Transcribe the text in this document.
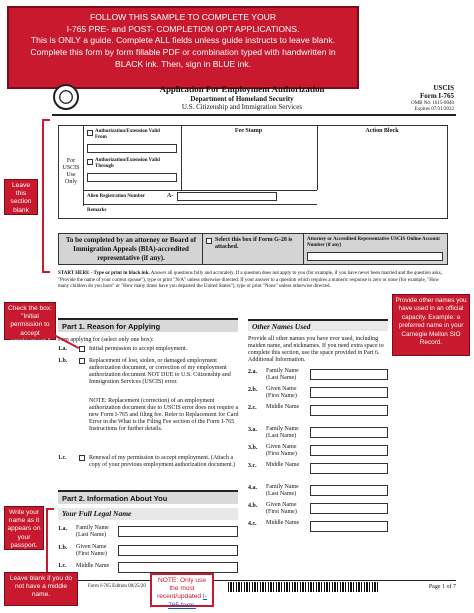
FOLLOW THIS SAMPLE TO COMPLETE YOUR
I-765 PRE- and POST- COMPLETION OPT APPLICATIONS.
This is ONLY a guide. Complete ALL fields unless guide instructs to leave blank.
Complete this form by form fillable PDF or combination typed with handwritten in
BLACK ink. Then, sign in BLUE ink.
USCIS
Form I-765
OMB No. 1615-0040
Expires 07/31/2022
Application For Employment Authorization
Department of Homeland Security
U.S. Citizenship and Immigration Services
For USCIS Use Only
Authorization/Extension Valid From
Authorization/Extension Valid Through
Fee Stamp	Action Block
Alien Registration Number	A-
Remarks
To be completed by an attorney or Board of Immigration Appeals (BIA)-accredited representative (if any).
Select this box if Form G-28 is attached.
Attorney or Accredited Representative USCIS Online Account Number (if any)
START HERE - Type or print in black ink. Answer all questions fully and accurately. If a question does not apply to you (for example, if you have never been married and the question asks, "Provide the name of your current spouse"), type or print "N/A" unless otherwise directed. If your answer to a question which requires a numeric response is zero or none (for example, "How many children do you have" or "How many times have you departed the United States"), type or print "None" unless otherwise directed.
Part 1. Reason for Applying
I am applying for (select only one box):
1.a.	Initial permission to accept employment.
1.b.	Replacement of lost, stolen, or damaged employment authorization document, or correction of my employment authorization document NOT DUE to U.S. Citizenship and Immigration Services (USCIS) error.
NOTE: Replacement (correction) of an employment authorization document due to USCIS error does not require a new Form I-765 and filing fee. Refer to Replacement for Card Error in the What is the Filing Fee section of the Form I-765 Instructions for further details.
1.c.	Renewal of my permission to accept employment. (Attach a copy of your previous employment authorization document.)
Part 2. Information About You
Your Full Legal Name
1.a. Family Name (Last Name)
1.b. Given Name (First Name)
1.c. Middle Name
Other Names Used
Provide all other names you have ever used, including maiden name, and nicknames. If you need extra space to complete this section, use the space provided in Part 6. Additional Information.
2.a. Family Name (Last Name)
2.b. Given Name (First Name)
2.c. Middle Name
3.a. Family Name (Last Name)
3.b. Given Name (First Name)
3.c. Middle Name
4.a. Family Name (Last Name)
4.b. Given Name (First Name)
4.c. Middle Name
Form I-765 Edition 08/25/20	Page 1 of 7
Leave this section blank
Check the box: "Initial permission to accept employment."
Provide other names you have used in an official capacity. Example: a preferred name in your Carnegie Mellon SIO Record.
Write your name as it appears on your passport.
Leave blank if you do not have a middle name.
NOTE: Only use the most recent/updated I-765 form.
